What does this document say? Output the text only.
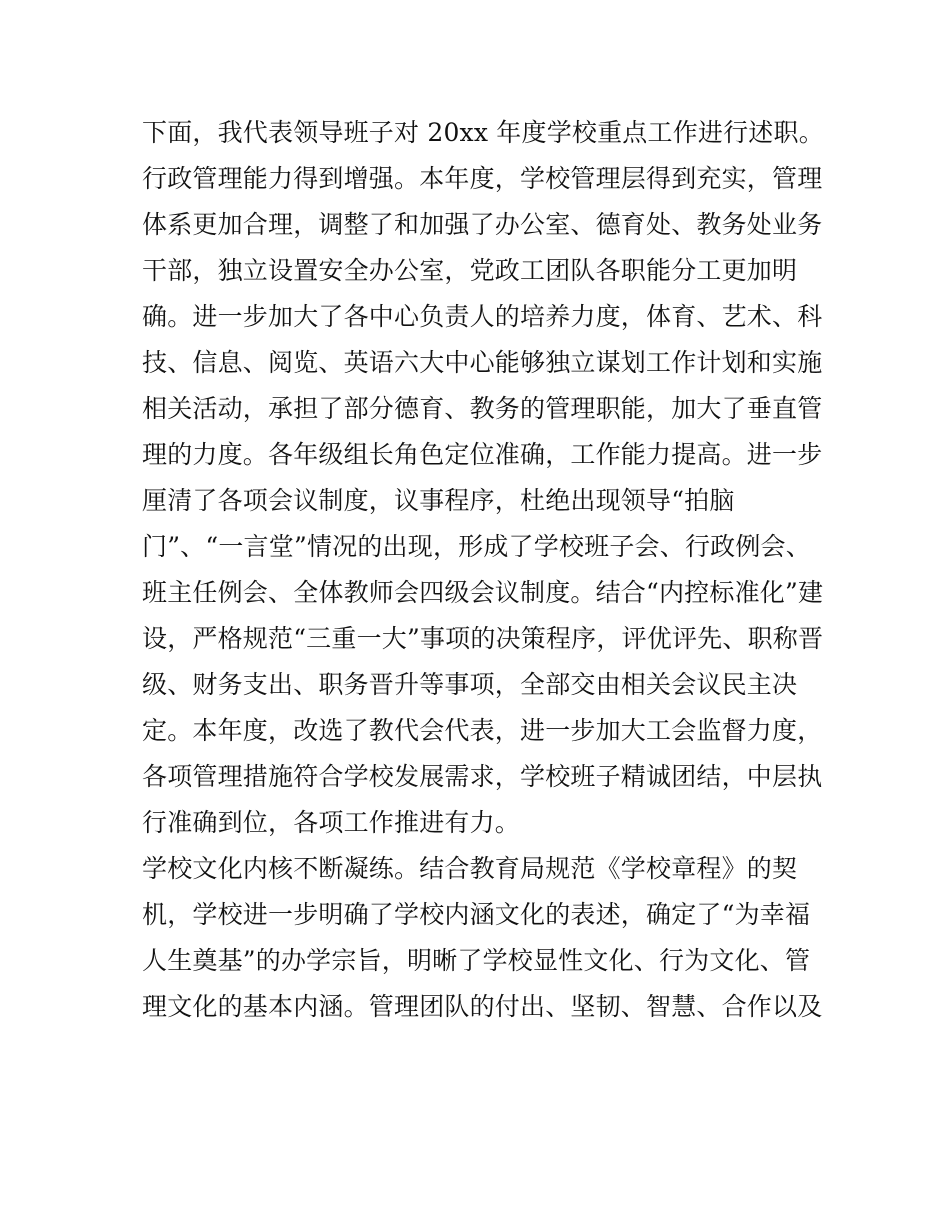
下面，我代表领导班子对 20xx 年度学校重点工作进行述职。
行政管理能力得到增强。本年度，学校管理层得到充实，管理
体系更加合理，调整了和加强了办公室、德育处、教务处业务
干部，独立设置安全办公室，党政工团队各职能分工更加明
确。进一步加大了各中心负责人的培养力度，体育、艺术、科
技、信息、阅览、英语六大中心能够独立谋划工作计划和实施
相关活动，承担了部分德育、教务的管理职能，加大了垂直管
理的力度。各年级组长角色定位准确，工作能力提高。进一步
厘清了各项会议制度，议事程序，杜绝出现领导“拍脑
门”、“一言堂”情况的出现，形成了学校班子会、行政例会、
班主任例会、全体教师会四级会议制度。结合“内控标准化”建
设，严格规范“三重一大”事项的决策程序，评优评先、职称晋
级、财务支出、职务晋升等事项，全部交由相关会议民主决
定。本年度，改选了教代会代表，进一步加大工会监督力度，
各项管理措施符合学校发展需求，学校班子精诚团结，中层执
行准确到位，各项工作推进有力。
学校文化内核不断凝练。结合教育局规范《学校章程》的契
机，学校进一步明确了学校内涵文化的表述，确定了“为幸福
人生奠基”的办学宗旨，明晰了学校显性文化、行为文化、管
理文化的基本内涵。管理团队的付出、坚韧、智慧、合作以及
